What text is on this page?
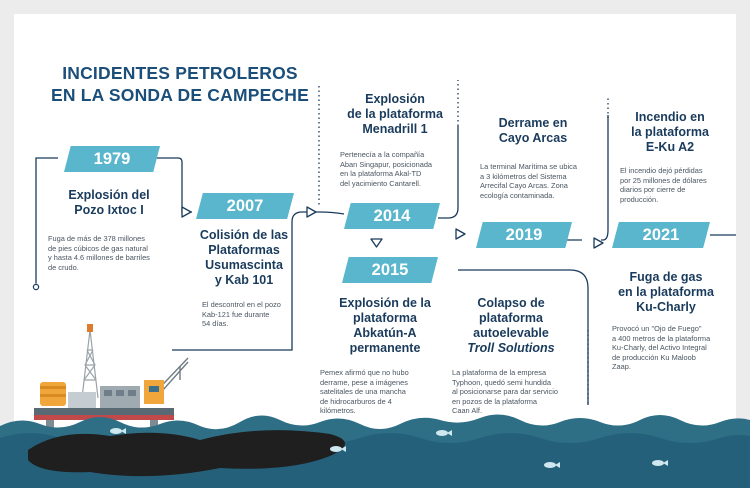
INCIDENTES PETROLEROS
EN LA SONDA DE CAMPECHE
1979
Explosión del
Pozo Ixtoc I
Fuga de más de 378 millones
de pies cúbicos de gas natural
y hasta 4.6 millones de barriles
de crudo.
2007
Colisión de las
Plataformas
Usumascinta
y Kab 101
El descontrol en el pozo
Kab-121 fue durante
54 días.
Explosión
de la plataforma
Menadrill 1
Pertenecía a la compañía
Aban Singapur, posicionada
en la plataforma Akal-TD
del yacimiento Cantarell.
2014
2015
Explosión de la
plataforma
Abkatún-A
permanente
Pemex afirmó que no hubo
derrame, pese a imágenes
satelitales de una mancha
de hidrocarburos de 4
kilómetros.
Derrame en
Cayo Arcas
La terminal Marítima se ubica
a 3 kilómetros del Sistema
Arrecifal Cayo Arcas. Zona
ecología contaminada.
2019
Colapso de
plataforma
autoelevable
Troll Solutions
La plataforma de la empresa
Typhoon, quedó semi hundida
al posicionarse para dar servicio
en pozos de la plataforma
Caan Alf.
Incendio en
la plataforma
E-Ku A2
El incendio dejó pérdidas
por 25 millones de dólares
diarios por cierre de
producción.
2021
Fuga de gas
en la plataforma
Ku-Charly
Provocó un "Ojo de Fuego"
a 400 metros de la plataforma
Ku-Charly, del Activo Integral
de producción Ku Maloob
Zaap.
